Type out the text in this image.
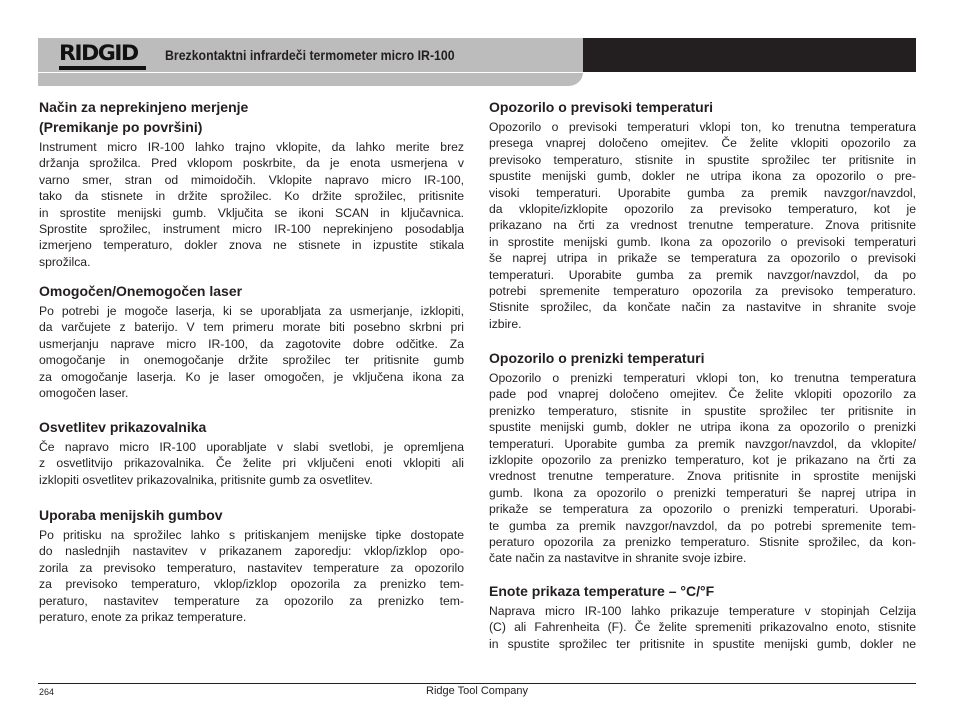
RIDGID	Brezkontaktni infrardeči termometer micro IR-100
Način za neprekinjeno merjenje
(Premikanje po površini)
Instrument micro IR-100 lahko trajno vklopite, da lahko merite brez
držanja sprožilca. Pred vklopom poskrbite, da je enota usmerjena v
varno smer, stran od mimoidočih. Vklopite napravo micro IR-100,
tako da stisnete in držite sprožilec. Ko držite sprožilec, pritisnite
in sprostite menijski gumb. Vključita se ikoni SCAN in ključavnica.
Sprostite sprožilec, instrument micro IR-100 neprekinjeno posodablja
izmerjeno temperaturo, dokler znova ne stisnete in izpustite stikala
sprožilca.
Omogočen/Onemogočen laser
Po potrebi je mogoče laserja, ki se uporabljata za usmerjanje, izklopiti,
da varčujete z baterijo. V tem primeru morate biti posebno skrbni pri
usmerjanju naprave micro IR-100, da zagotovite dobre odčitke. Za
omogočanje in onemogočanje držite sprožilec ter pritisnite gumb
za omogočanje laserja. Ko je laser omogočen, je vključena ikona za
omogočen laser.
Osvetlitev prikazovalnika
Če napravo micro IR-100 uporabljate v slabi svetlobi, je opremljena
z osvetlitvijo prikazovalnika. Če želite pri vključeni enoti vklopiti ali
izklopiti osvetlitev prikazovalnika, pritisnite gumb za osvetlitev.
Uporaba menijskih gumbov
Po pritisku na sprožilec lahko s pritiskanjem menijske tipke dostopate
do naslednjih nastavitev v prikazanem zaporedju: vklop/izklop opo-
zorila za previsoko temperaturo, nastavitev temperature za opozorilo
za previsoko temperaturo, vklop/izklop opozorila za prenizko tem-
peraturo, nastavitev temperature za opozorilo za prenizko tem-
peraturo, enote za prikaz temperature.
Opozorilo o previsoki temperaturi
Opozorilo o previsoki temperaturi vklopi ton, ko trenutna temperatura
presega vnaprej določeno omejitev. Če želite vklopiti opozorilo za
previsoko temperaturo, stisnite in spustite sprožilec ter pritisnite in
spustite menijski gumb, dokler ne utripa ikona za opozorilo o pre-
visoki temperaturi. Uporabite gumba za premik navzgor/navzdol,
da vklopite/izklopite opozorilo za previsoko temperaturo, kot je
prikazano na črti za vrednost trenutne temperature. Znova pritisnite
in sprostite menijski gumb. Ikona za opozorilo o previsoki temperaturi
še naprej utripa in prikaže se temperatura za opozorilo o previsoki
temperaturi. Uporabite gumba za premik navzgor/navzdol, da po
potrebi spremenite temperaturo opozorila za previsoko temperaturo.
Stisnite sprožilec, da končate način za nastavitve in shranite svoje
izbire.
Opozorilo o prenizki temperaturi
Opozorilo o prenizki temperaturi vklopi ton, ko trenutna temperatura
pade pod vnaprej določeno omejitev. Če želite vklopiti opozorilo za
prenizko temperaturo, stisnite in spustite sprožilec ter pritisnite in
spustite menijski gumb, dokler ne utripa ikona za opozorilo o prenizki
temperaturi. Uporabite gumba za premik navzgor/navzdol, da vklopite/
izklopite opozorilo za prenizko temperaturo, kot je prikazano na črti za
vrednost trenutne temperature. Znova pritisnite in sprostite menijski
gumb. Ikona za opozorilo o prenizki temperaturi še naprej utripa in
prikaže se temperatura za opozorilo o prenizki temperaturi. Uporabi-
te gumba za premik navzgor/navzdol, da po potrebi spremenite tem-
peraturo opozorila za prenizko temperaturo. Stisnite sprožilec, da kon-
čate način za nastavitve in shranite svoje izbire.
Enote prikaza temperature – °C/°F
Naprava micro IR-100 lahko prikazuje temperature v stopinjah Celzija
(C) ali Fahrenheita (F). Če želite spremeniti prikazovalno enoto, stisnite
in spustite sprožilec ter pritisnite in spustite menijski gumb, dokler ne
264	Ridge Tool Company
